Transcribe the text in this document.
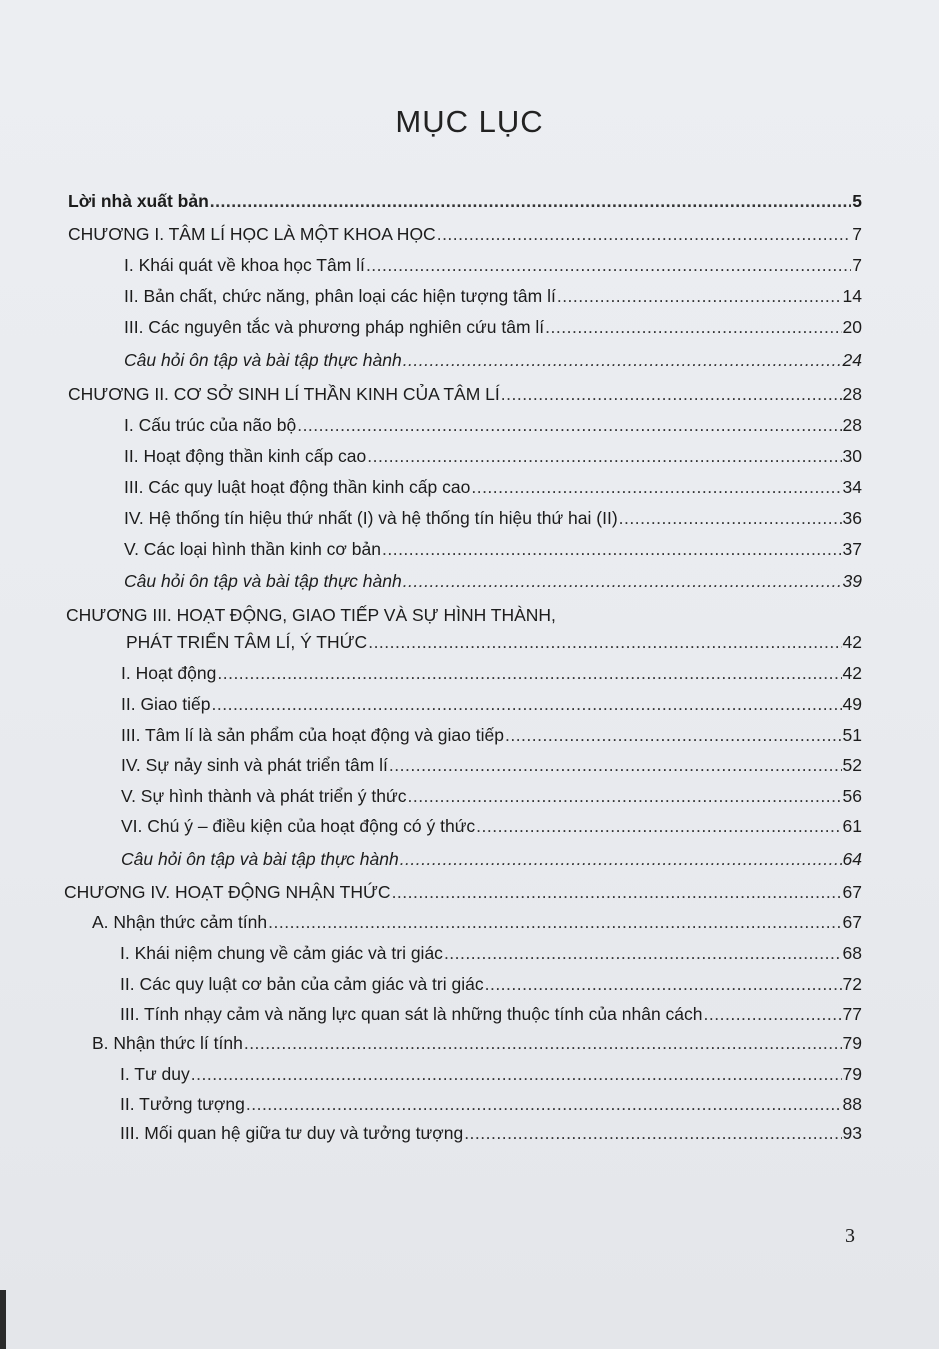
MỤC LỤC
Lời nhà xuất bản .....	5
CHƯƠNG I. TÂM LÍ HỌC LÀ MỘT KHOA HỌC .....	7
I. Khái quát về khoa học Tâm lí .....	7
II. Bản chất, chức năng, phân loại các hiện tượng tâm lí .....	14
III. Các nguyên tắc và phương pháp nghiên cứu tâm lí .....	20
Câu hỏi ôn tập và bài tập thực hành .....	24
CHƯƠNG II. CƠ SỞ SINH LÍ THẦN KINH CỦA TÂM LÍ .....	28
I. Cấu trúc của não bộ .....	28
II. Hoạt động thần kinh cấp cao .....	30
III. Các quy luật hoạt động thần kinh cấp cao .....	34
IV. Hệ thống tín hiệu thứ nhất (I) và hệ thống tín hiệu thứ hai (II) .....	36
V. Các loại hình thần kinh cơ bản .....	37
Câu hỏi ôn tập và bài tập thực hành .....	39
CHƯƠNG III. HOẠT ĐỘNG, GIAO TIẾP VÀ SỰ HÌNH THÀNH,
PHÁT TRIỂN TÂM LÍ, Ý THỨC .....	42
I. Hoạt động .....	42
II. Giao tiếp .....	49
III. Tâm lí là sản phẩm của hoạt động và giao tiếp .....	51
IV. Sự nảy sinh và phát triển tâm lí .....	52
V. Sự hình thành và phát triển ý thức .....	56
VI. Chú ý – điều kiện của hoạt động có ý thức .....	61
Câu hỏi ôn tập và bài tập thực hành .....	64
CHƯƠNG IV. HOẠT ĐỘNG NHẬN THỨC .....	67
A. Nhận thức cảm tính .....	67
I. Khái niệm chung về cảm giác và tri giác .....	68
II. Các quy luật cơ bản của cảm giác và tri giác .....	72
III. Tính nhạy cảm và năng lực quan sát là những thuộc tính của nhân cách .....	77
B. Nhận thức lí tính .....	79
I. Tư duy .....	79
II. Tưởng tượng .....	88
III. Mối quan hệ giữa tư duy và tưởng tượng .....	93
3
